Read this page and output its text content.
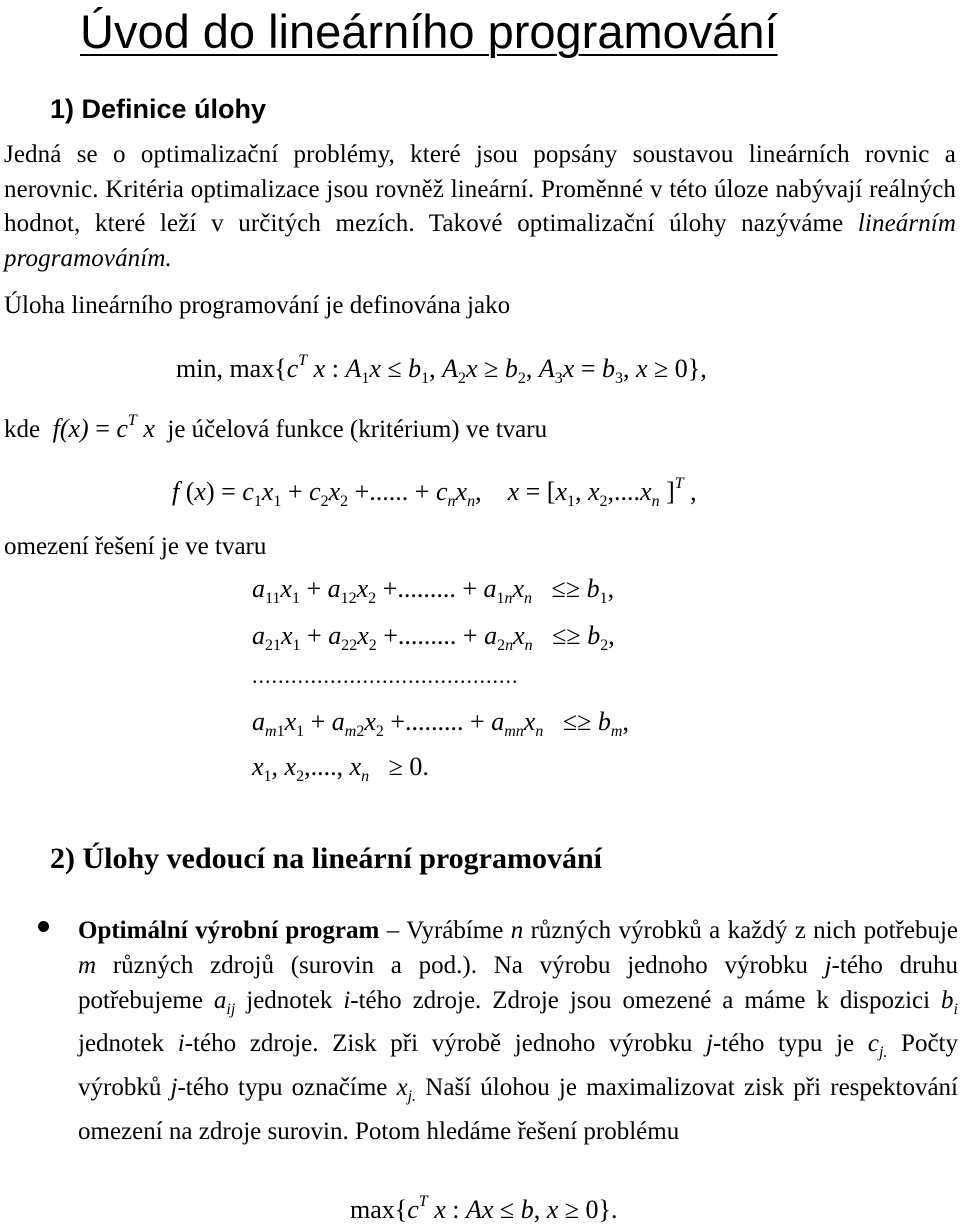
Úvod do lineárního programování
1) Definice úlohy

Jedná se o optimalizační problémy, které jsou popsány soustavou lineárních rovnic a nerovnic. Kritéria optimalizace jsou rovněž lineární. Proměnné v této úloze nabývají reálných hodnot, které leží v určitých mezích. Takové optimalizační úlohy nazýváme lineárním programováním.

Úloha lineárního programování je definována jako
min, $\max\{c^T$ x : $A_1x \le b_1$, $A_2x \ge b_2$, $A_3x = b_3$, x ≥ 0},
kde $f(x) = c^T$ x je účelová funkce (kritérium) ve tvaru
f $(x) = c_1x_1 + c_2x_2$ +...... + $c_nx_n$,    $x = [x_1$, $x_2,....x_n$ ]$^T$ ,
omezení řešení je ve tvaru
$a_{11}x_1 + a_{12}x_2$ +......... + $a_{1n}x_n \le\ge b_1$,
$a_{21}x_1 + a_{22}x_2$ +......... + $a_{2n}x_n \le\ge b_2$,
.........................................
$a_{m1}x_1 + a_{m2}x_2$ +......... + $a_{mn}x_n \le\ge b_m$,
$x_1$, $x_2$,...., $x_n \ge 0$.
2) Úlohy vedoucí na lineární programování

Optimální výrobní program – Vyrábíme n různých výrobků a každý z nich potřebuje m různých zdrojů (surovin a pod.). Na výrobu jednoho výrobku j-tého druhu potřebujeme $a_{ij}$ jednotek i-tého zdroje. Zdroje jsou omezené a máme k dispozici $b_i$ jednotek i-tého zdroje. Zisk při výrobě jednoho výrobku j-tého typu je $c_{j.}$ Počty výrobků j-tého typu označíme $x_{j.}$ Naší úlohou je maximalizovat zisk při respektování omezení na zdroje surovin. Potom hledáme řešení problému

$\max\{c^T$ x : Ax ≤ b, x ≥ 0}.
